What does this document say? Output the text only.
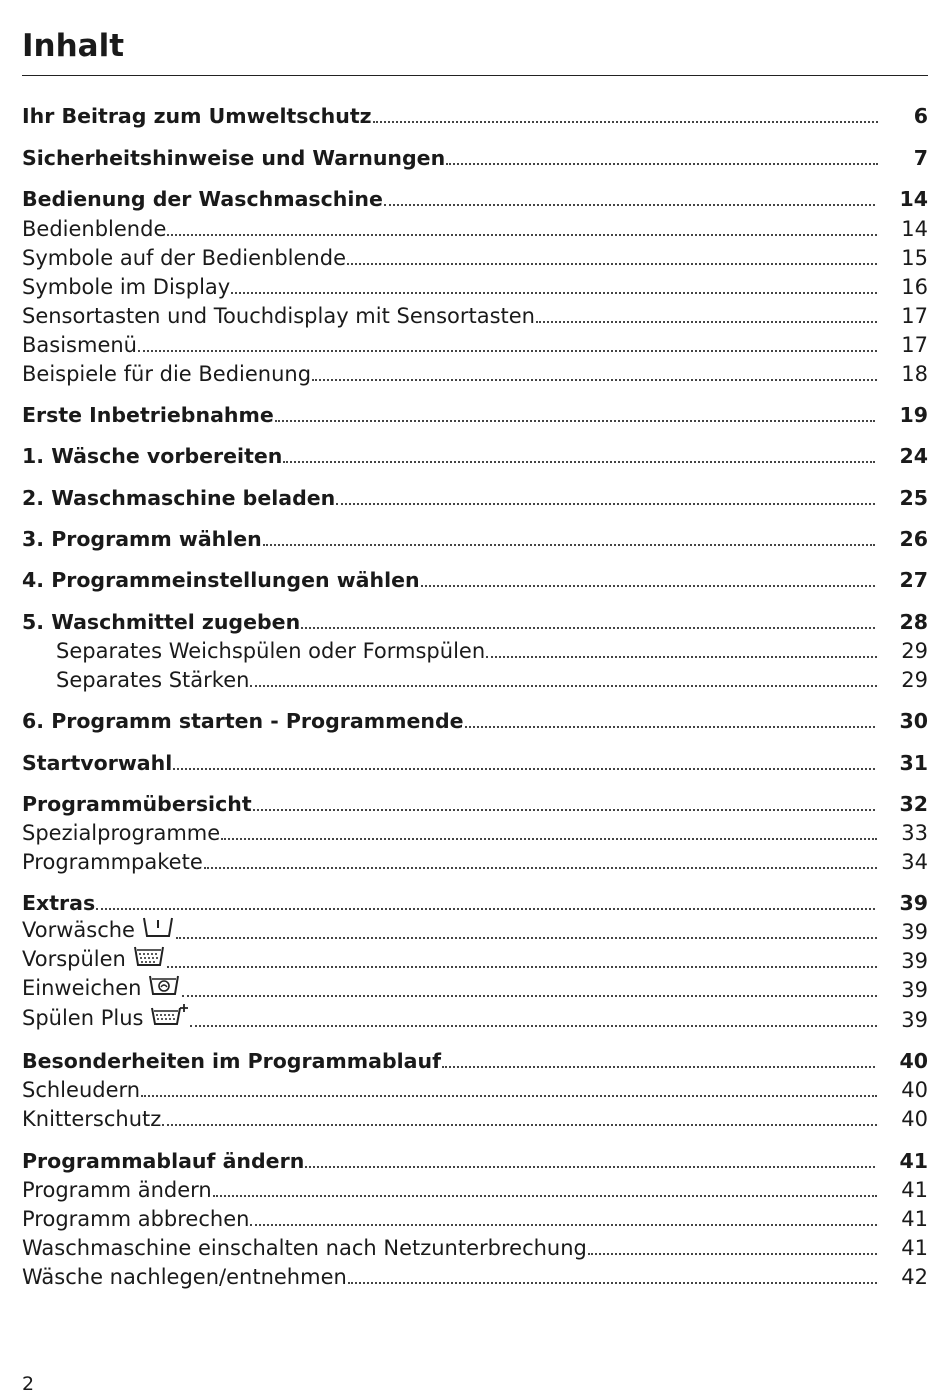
Inhalt
Ihr Beitrag zum Umweltschutz	6
Sicherheitshinweise und Warnungen	7
Bedienung der Waschmaschine	14
Bedienblende	14
Symbole auf der Bedienblende	15
Symbole im Display	16
Sensortasten und Touchdisplay mit Sensortasten	17
Basismenü	17
Beispiele für die Bedienung	18
Erste Inbetriebnahme	19
1. Wäsche vorbereiten	24
2. Waschmaschine beladen	25
3. Programm wählen	26
4. Programmeinstellungen wählen	27
5. Waschmittel zugeben	28
Separates Weichspülen oder Formspülen	29
Separates Stärken	29
6. Programm starten - Programmende	30
Startvorwahl	31
Programmübersicht	32
Spezialprogramme	33
Programmpakete	34
Extras	39
Vorwäsche	39
Vorspülen	39
Einweichen	39
Spülen Plus	39
Besonderheiten im Programmablauf	40
Schleudern	40
Knitterschutz	40
Programmablauf ändern	41
Programm ändern	41
Programm abbrechen	41
Waschmaschine einschalten nach Netzunterbrechung	41
Wäsche nachlegen/entnehmen	42
2
